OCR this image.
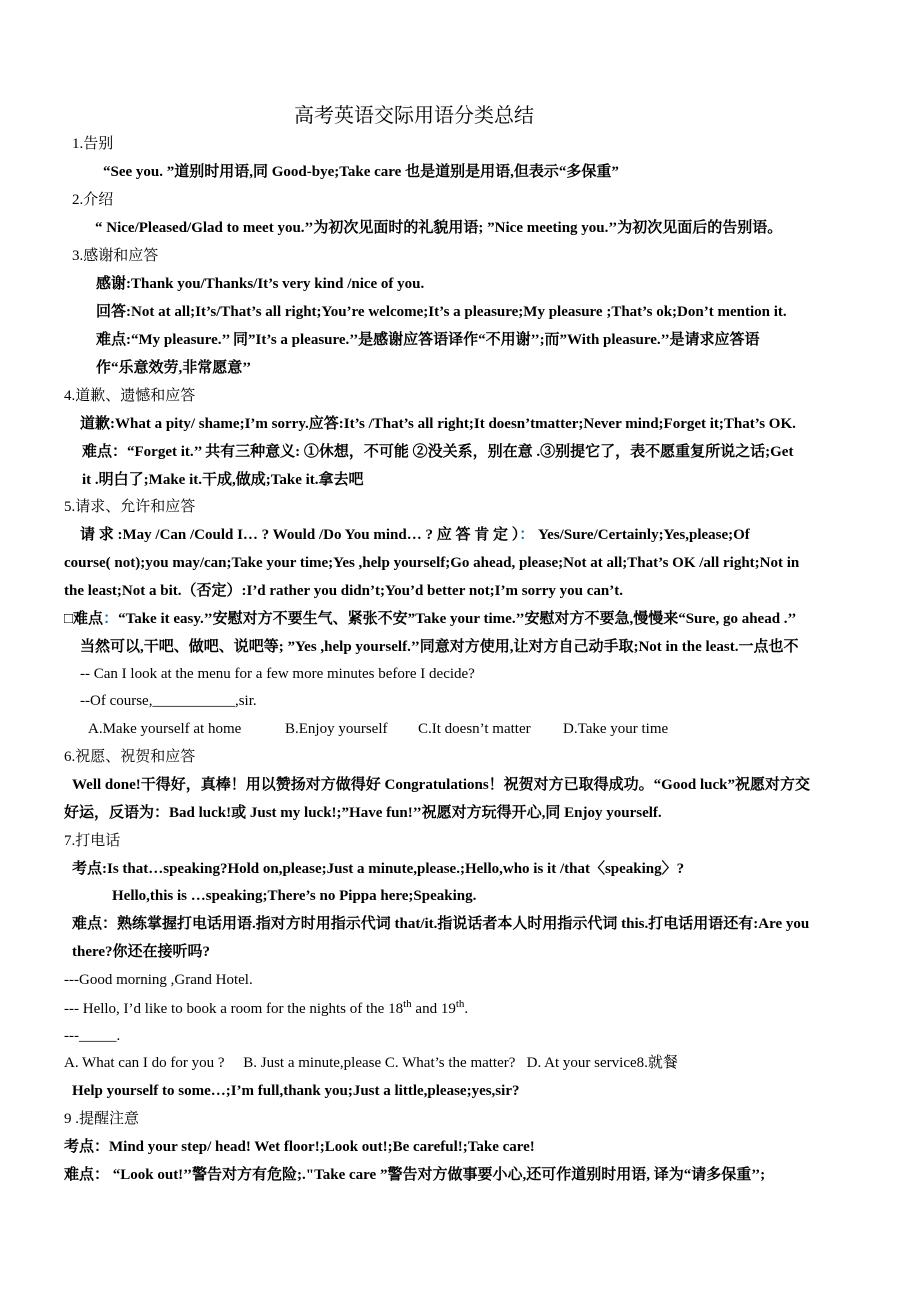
高考英语交际用语分类总结
1.告别
“See you. ”道别时用语,同 Good-bye;Take care 也是道别是用语,但表示“多保重”
2.介绍
“ Nice/Pleased/Glad to meet you.’’为初次见面时的礼貌用语; ”Nice meeting you.’’为初次见面后的告别语。
3.感谢和应答
感谢:Thank you/Thanks/It’s very kind /nice of you.
回答:Not at all;It’s/That’s all right;You’re welcome;It’s a pleasure;My pleasure ;That’s ok;Don’t mention it.
难点:“My pleasure.’’ 同”It’s a pleasure.’’是感谢应答语译作“不用谢’’;而”With pleasure.’’是请求应答语
作“乐意效劳,非常愿意’’
4.道歉、遗憾和应答
道歉:What a pity/ shame;I’m sorry.应答:It’s /That’s all right;It doesn’tmatter;Never mind;Forget it;That’s OK.
难点：“Forget it.’’ 共有三种意义: ①休想，不可能 ②没关系，别在意 .③别提它了，表不愿重复所说之话;Get
it .明白了;Make it.干成,做成;Take it.拿去吧
5.请求、允许和应答
请 求 :May /Can /Could I… ? Would /Do You mind… ? 应 答 肯 定 ）： Yes/Sure/Certainly;Yes,please;Of
course( not);you may/can;Take your time;Yes ,help yourself;Go ahead, please;Not at all;That’s OK /all right;Not in
the least;Not a bit.（否定）:I’d rather you didn’t;You’d better not;I’m sorry you can’t.
□难点：“Take it easy.’’安慰对方不要生气、紧张不安”Take your time.’’安慰对方不要急,慢慢来“Sure, go ahead .’’
当然可以,干吧、做吧、说吧等; ”Yes ,help yourself.’’同意对方使用,让对方自己动手取;Not in the least.一点也不
-- Can I look at the menu for a few more minutes before I decide?
--Of course,___________,sir.
A.Make yourself at home	B.Enjoy yourself C.It doesn’t matter D.Take your time
6.祝愿、祝贺和应答
Well done!干得好，真棒！用以赞扬对方做得好 Congratulations！祝贺对方已取得成功。“Good luck”祝愿对方交
好运，反语为：Bad luck!或 Just my luck!;”Have fun!’’祝愿对方玩得开心,同 Enjoy yourself.
7.打电话
考点:Is that…speaking?Hold on,please;Just a minute,please.;Hello,who is it /that〈speaking〉?
Hello,this is …speaking;There’s no Pippa here;Speaking.
难点：熟练掌握打电话用语.指对方时用指示代词 that/it.指说话者本人时用指示代词 this.打电话用语还有:Are you
there?你还在接听吗?
---Good morning ,Grand Hotel.
--- Hello, I’d like to book a room for the nights of the 18th and 19th.
---_____.
A. What can I do for you ?     B. Just a minute,please C. What’s the matter?   D. At your service8.就餐
Help yourself to some…;I’m full,thank you;Just a little,please;yes,sir?
9 .提醒注意
考点：Mind your step/ head! Wet floor!;Look out!;Be careful!;Take care!
难点： “Look out!’’警告对方有危险;."Take care ”警告对方做事要小心,还可作道别时用语, 译为“请多保重’’;
